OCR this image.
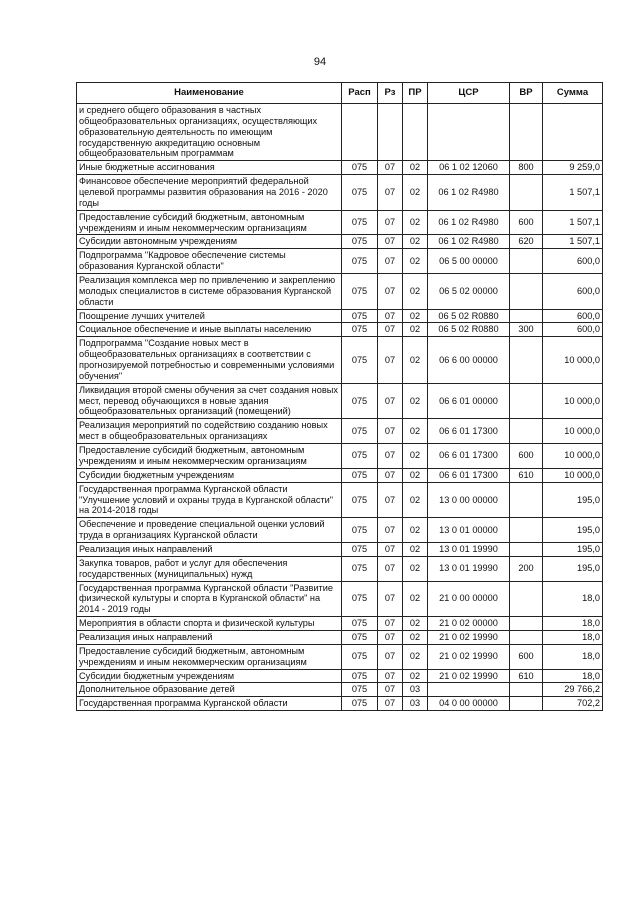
94
Наименование	Расп	Рз	ПР	ЦСР	ВР	Сумма
и среднего общего образования в частных общеобразовательных организациях, осуществляющих образовательную деятельность по имеющим государственную аккредитацию основным общеобразовательным программам						
Иные бюджетные ассигнования	075	07	02	06 1 02 12060	800	9 259,0
Финансовое обеспечение мероприятий федеральной целевой программы развития образования на 2016 - 2020 годы	075	07	02	06 1 02 R4980		1 507,1
Предоставление субсидий бюджетным, автономным учреждениям и иным некоммерческим организациям	075	07	02	06 1 02 R4980	600	1 507,1
Субсидии автономным учреждениям	075	07	02	06 1 02 R4980	620	1 507,1
Подпрограмма "Кадровое обеспечение системы образования Курганской области"	075	07	02	06 5 00 00000		600,0
Реализация комплекса мер по привлечению и закреплению молодых специалистов в системе образования Курганской области	075	07	02	06 5 02 00000		600,0
Поощрение лучших учителей	075	07	02	06 5 02 R0880		600,0
Социальное обеспечение и иные выплаты населению	075	07	02	06 5 02 R0880	300	600,0
Подпрограмма "Создание новых мест в общеобразовательных организациях в соответствии с прогнозируемой потребностью и современными условиями обучения"	075	07	02	06 6 00 00000		10 000,0
Ликвидация второй смены обучения за счет создания новых мест, перевод обучающихся в новые здания общеобразовательных организаций (помещений)	075	07	02	06 6 01 00000		10 000,0
Реализация мероприятий по содействию созданию новых мест в общеобразовательных организациях	075	07	02	06 6 01 17300		10 000,0
Предоставление субсидий бюджетным, автономным учреждениям и иным некоммерческим организациям	075	07	02	06 6 01 17300	600	10 000,0
Субсидии бюджетным учреждениям	075	07	02	06 6 01 17300	610	10 000,0
Государственная программа Курганской области "Улучшение условий и охраны труда в Курганской области" на 2014-2018 годы	075	07	02	13 0 00 00000		195,0
Обеспечение и проведение специальной оценки условий труда в организациях Курганской области	075	07	02	13 0 01 00000		195,0
Реализация иных направлений	075	07	02	13 0 01 19990		195,0
Закупка товаров, работ и услуг для обеспечения государственных (муниципальных) нужд	075	07	02	13 0 01 19990	200	195,0
Государственная программа Курганской области "Развитие физической культуры и спорта в Курганской области" на 2014 - 2019 годы	075	07	02	21 0 00 00000		18,0
Мероприятия в области спорта и физической культуры	075	07	02	21 0 02 00000		18,0
Реализация иных направлений	075	07	02	21 0 02 19990		18,0
Предоставление субсидий бюджетным, автономным учреждениям и иным некоммерческим организациям	075	07	02	21 0 02 19990	600	18,0
Субсидии бюджетным учреждениям	075	07	02	21 0 02 19990	610	18,0
Дополнительное образование детей	075	07	03			29 766,2
Государственная программа Курганской области	075	07	03	04 0 00 00000		702,2
